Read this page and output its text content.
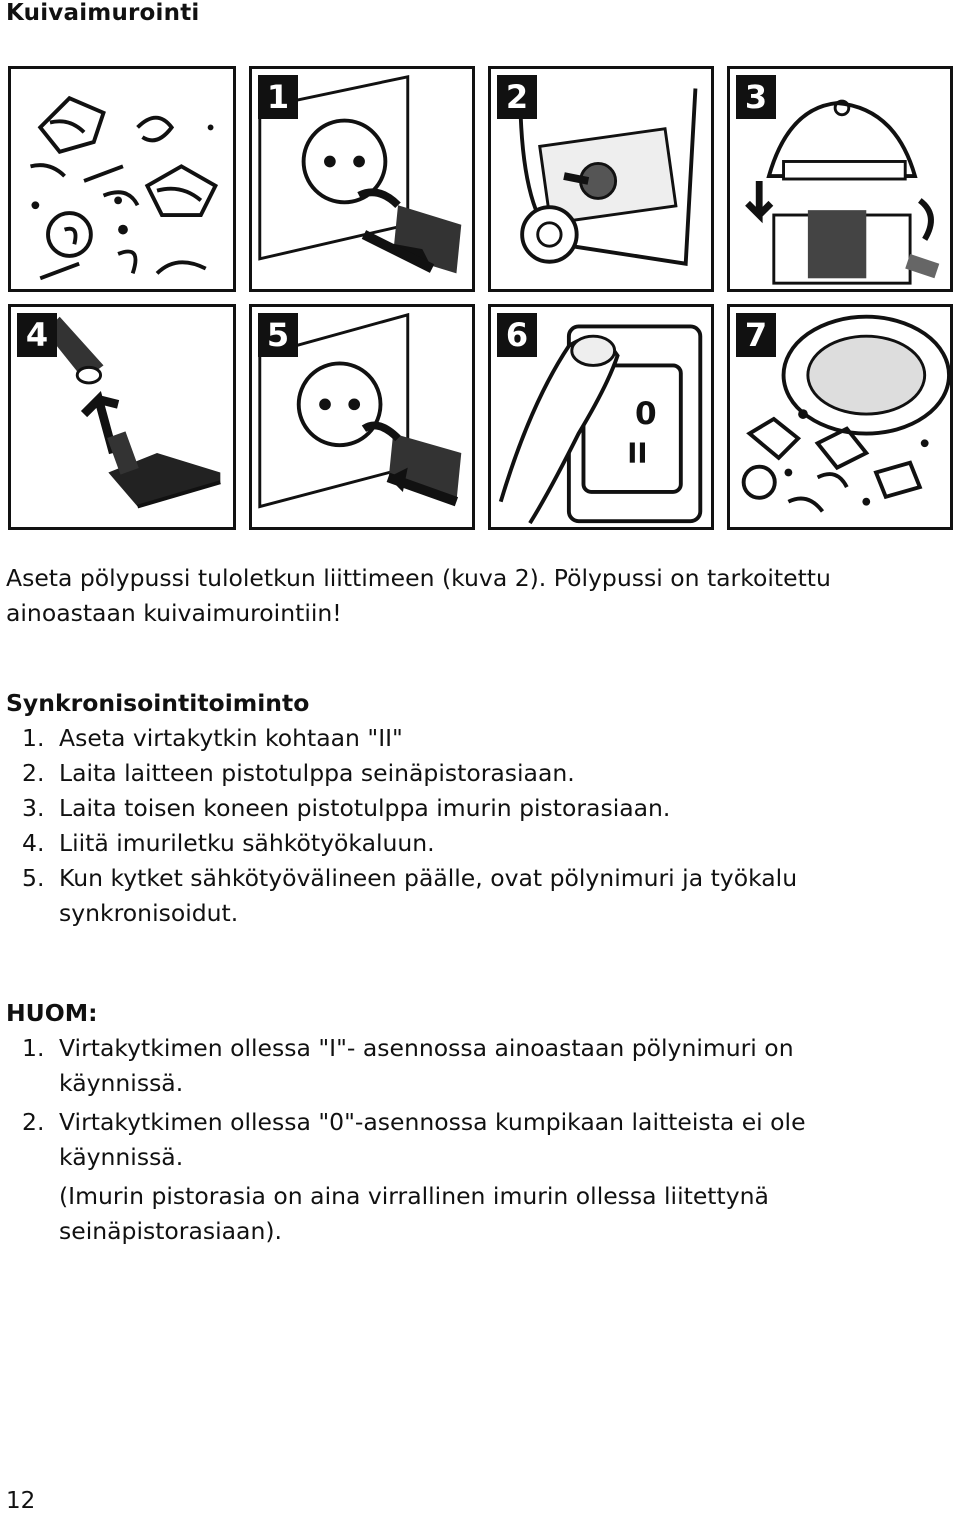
Kuivaimurointi
1	2	3
4	5
0
II
6	7
Aseta pölypussi tuloletkun liittimeen (kuva 2). Pölypussi on tarkoitettu
ainoastaan kuivaimurointiin!
Synkronisointitoiminto
1. Aseta virtakytkin kohtaan "II"
2. Laita laitteen pistotulppa seinäpistorasiaan.
3. Laita toisen koneen pistotulppa imurin pistorasiaan.
4. Liitä imuriletku sähkötyökaluun.
5. Kun kytket sähkötyövälineen päälle, ovat pölynimuri ja työkalu
synkronisoidut.
HUOM:
1. Virtakytkimen ollessa "I"- asennossa ainoastaan pölynimuri on
käynnissä.
2. Virtakytkimen ollessa "0"-asennossa kumpikaan laitteista ei ole
käynnissä.
(Imurin pistorasia on aina virrallinen imurin ollessa liitettynä
seinäpistorasiaan).
12
